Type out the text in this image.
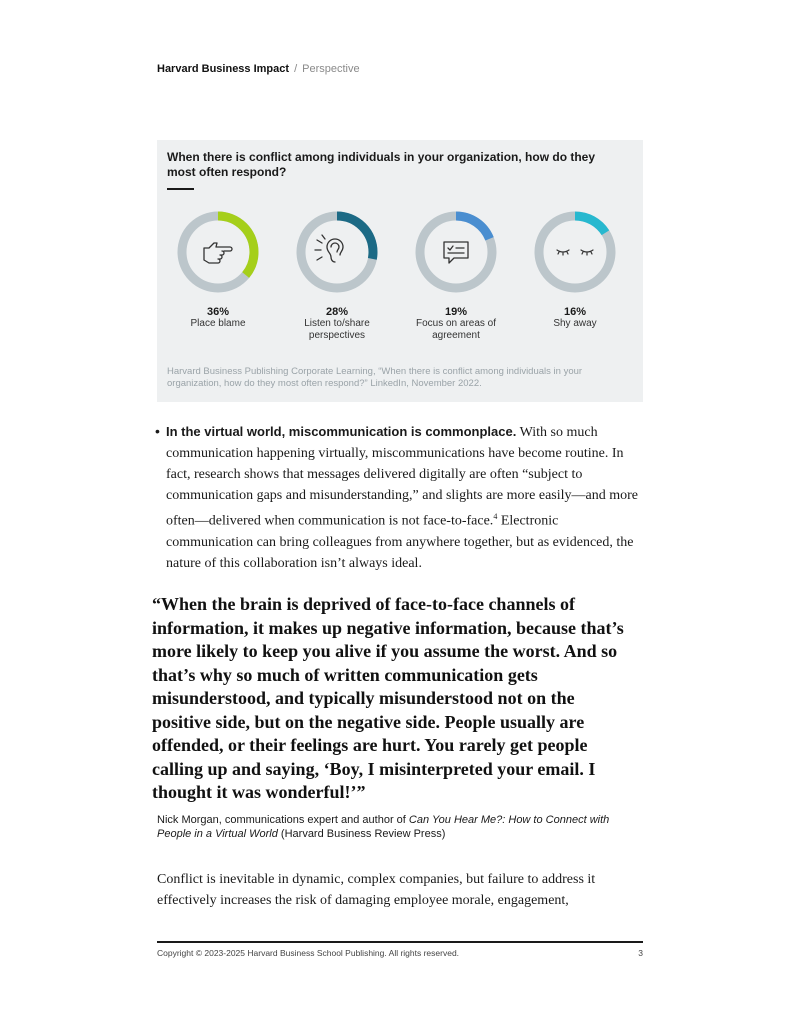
Harvard Business Impact / Perspective
When there is conflict among individuals in your organization, how do they most often respond?
36%
Place blame
28%
Listen to/share perspectives
19%
Focus on areas of agreement
16%
Shy away
Harvard Business Publishing Corporate Learning, “When there is conflict among individuals in your organization, how do they most often respond?” LinkedIn, November 2022.
• In the virtual world, miscommunication is commonplace. With so much communication happening virtually, miscommunications have become routine. In fact, research shows that messages delivered digitally are often “subject to communication gaps and misunderstanding,” and slights are more easily—and more often—delivered when communication is not face-to-face.$^4$ Electronic communication can bring colleagues from anywhere together, but as evidenced, the nature of this collaboration isn’t always ideal.
“When the brain is deprived of face-to-face channels of information, it makes up negative information, because that’s more likely to keep you alive if you assume the worst. And so that’s why so much of written communication gets misunderstood, and typically misunderstood not on the positive side, but on the negative side. People usually are offended, or their feelings are hurt. You rarely get people calling up and saying, ‘Boy, I misinterpreted your email. I thought it was wonderful!’”
Nick Morgan, communications expert and author of Can You Hear Me?: How to Connect with People in a Virtual World (Harvard Business Review Press)
Conflict is inevitable in dynamic, complex companies, but failure to address it effectively increases the risk of damaging employee morale, engagement,
Copyright © 2023-2025 Harvard Business School Publishing. All rights reserved.	3
